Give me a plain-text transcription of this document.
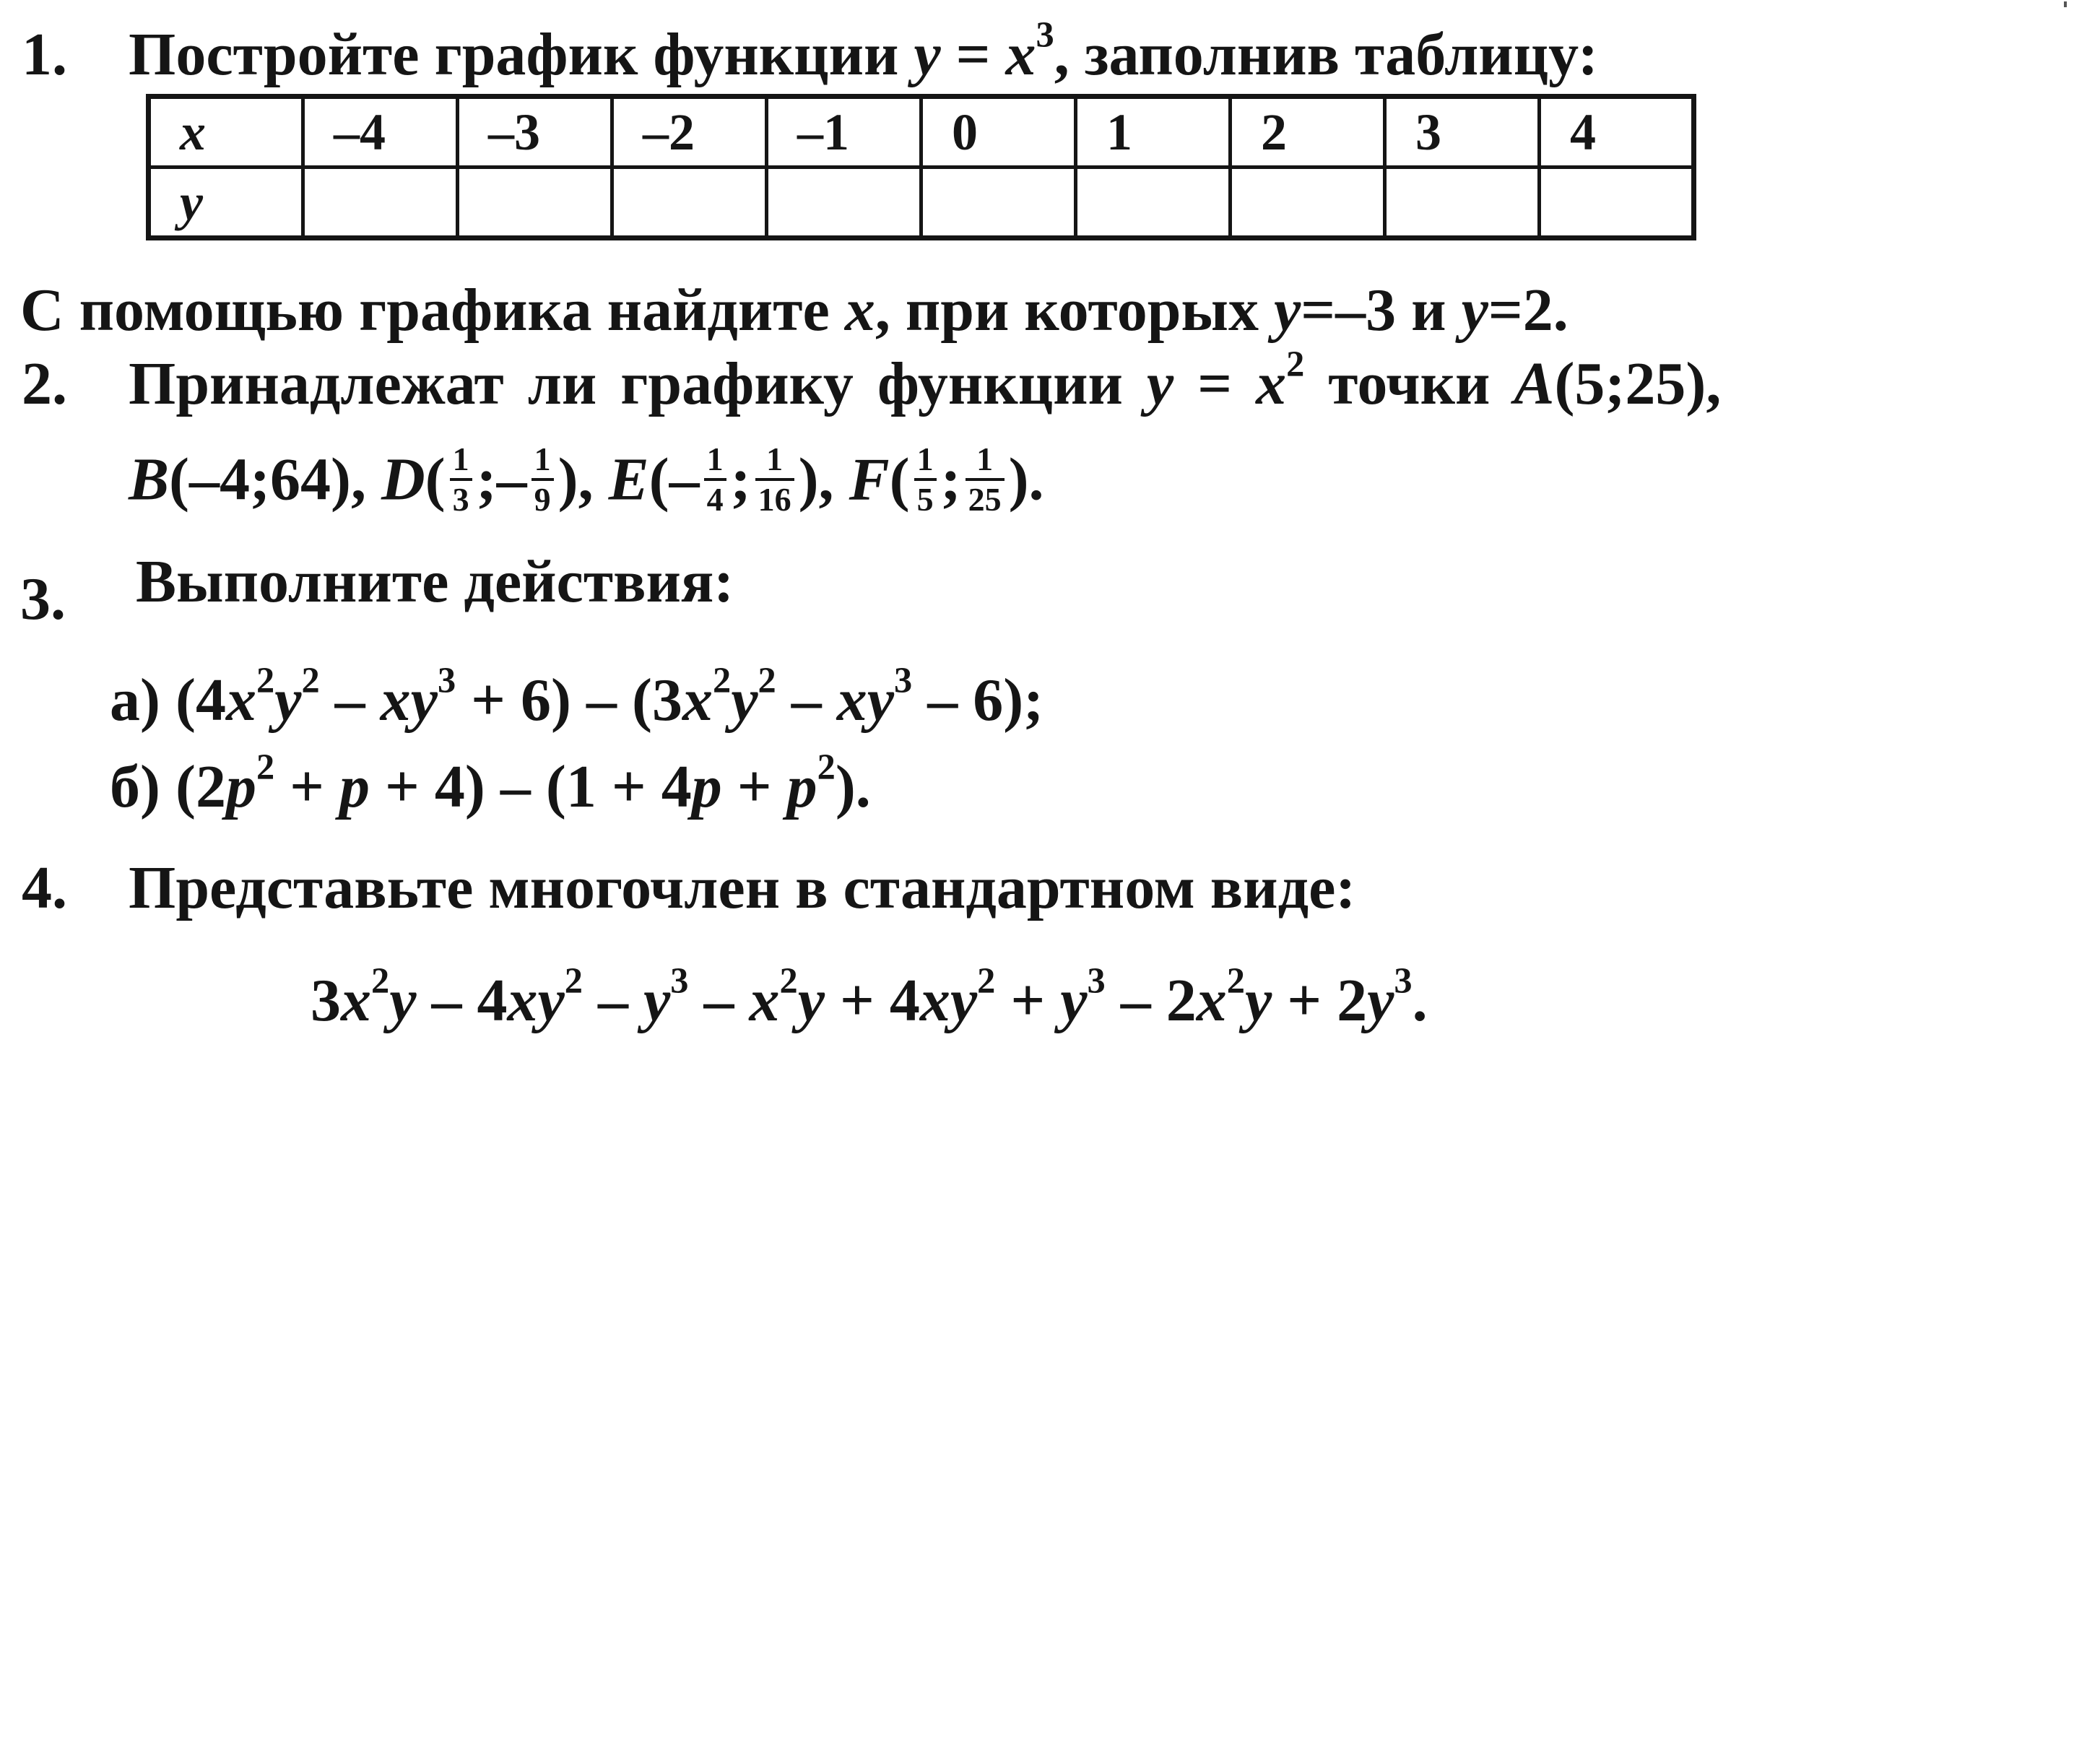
1. Постройте график функции $y = x^3$, заполнив таблицу:
x	–4	–3	–2	–1	0	1	2	3	4
y									
С помощью графика найдите x, при которых y=–3 и y=2.
2. Принадлежат ли графику функции $y = x^2$ точки A(5;25),
B(–4;64), $D( \frac{1}{3}$ ;– $\frac{1}{9}$ ), $E(- \frac{1}{4}$ ; $\frac{1}{16}$ ), $F( \frac{1}{5}$ ; $\frac{1}{25}$ ).
3. Выполните действия:
а) $(4x^2y^2 - xy^3 + 6) - (3x^2y^2 - xy^3 - 6)$;
б) $(2p^2 + p + 4) - (1 + 4p + p^2)$.
4. Представьте многочлен в стандартном виде:
$3x^2y - 4xy^2 - y^3 - x^2y + 4xy^2 + y^3 - 2x^2y + 2y^3$.
